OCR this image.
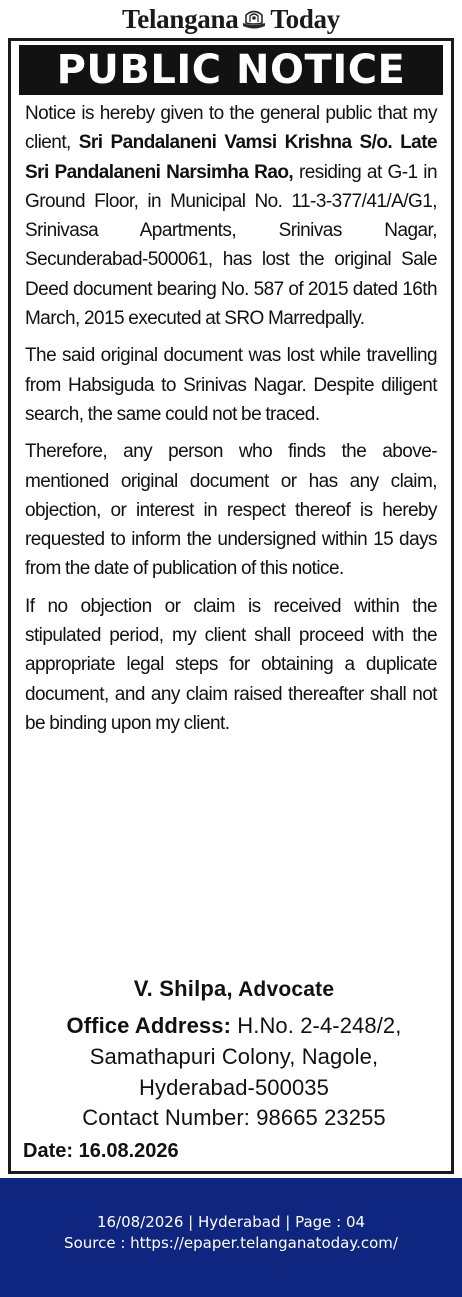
Telangana Today
PUBLIC NOTICE

Notice is hereby given to the general public that my client, Sri Pandalaneni Vamsi Krishna S/o. Late Sri Pandalaneni Narsimha Rao, residing at G-1 in Ground Floor, in Municipal No. 11-3-377/41/A/G1, Srinivasa Apartments, Srinivas Nagar, Secunderabad-500061, has lost the original Sale Deed document bearing No. 587 of 2015 dated 16th March, 2015 executed at SRO Marredpally.

The said original document was lost while travelling from Habsiguda to Srinivas Nagar. Despite diligent search, the same could not be traced.

Therefore, any person who finds the above-mentioned original document or has any claim, objection, or interest in respect thereof is hereby requested to inform the undersigned within 15 days from the date of publication of this notice.

If no objection or claim is received within the stipulated period, my client shall proceed with the appropriate legal steps for obtaining a duplicate document, and any claim raised thereafter shall not be binding upon my client.

V. Shilpa, Advocate
Office Address: H.No. 2-4-248/2,
Samathapuri Colony, Nagole,
Hyderabad-500035
Contact Number: 98665 23255
Date: 16.08.2026
16/08/2026 | Hyderabad | Page : 04
Source : https://epaper.telanganatoday.com/
